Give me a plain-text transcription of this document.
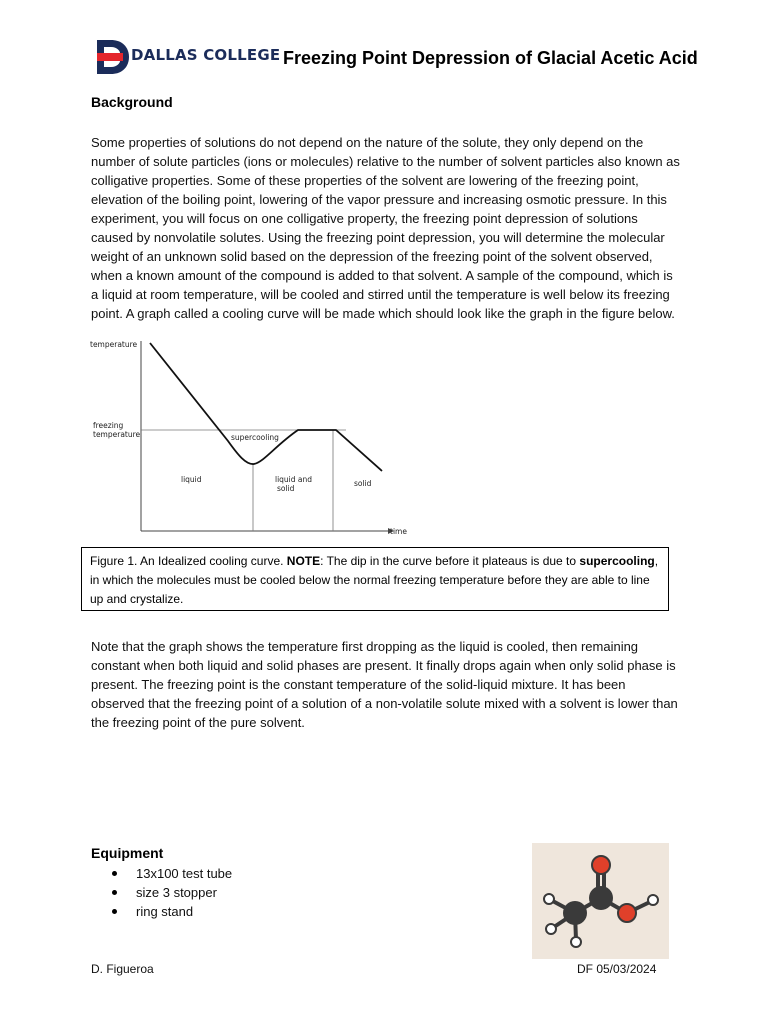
DALLAS COLLEGE Freezing Point Depression of Glacial Acetic Acid
Background
Some properties of solutions do not depend on the nature of the solute, they only depend on the number of solute particles (ions or molecules) relative to the number of solvent particles also known as colligative properties. Some of these properties of the solvent are lowering of the freezing point, elevation of the boiling point, lowering of the vapor pressure and increasing osmotic pressure. In this experiment, you will focus on one colligative property, the freezing point depression of solutions caused by nonvolatile solutes. Using the freezing point depression, you will determine the molecular weight of an unknown solid based on the depression of the freezing point of the solvent observed, when a known amount of the compound is added to that solvent. A sample of the compound, which is a liquid at room temperature, will be cooled and stirred until the temperature is well below its freezing point. A graph called a cooling curve will be made which should look like the graph in the figure below.
temperature
time
freezing
temperature	supercooling
liquid	liquid and
solid
solid
Figure 1. An Idealized cooling curve. NOTE: The dip in the curve before it plateaus is due to supercooling, in which the molecules must be cooled below the normal freezing temperature before they are able to line up and crystalize.
Note that the graph shows the temperature first dropping as the liquid is cooled, then remaining constant when both liquid and solid phases are present. It finally drops again when only solid phase is present. The freezing point is the constant temperature of the solid-liquid mixture. It has been observed that the freezing point of a solution of a non-volatile solute mixed with a solvent is lower than the freezing point of the pure solvent.
Equipment
13x100 test tube
size 3 stopper
ring stand
D. Figueroa	DF 05/03/2024
